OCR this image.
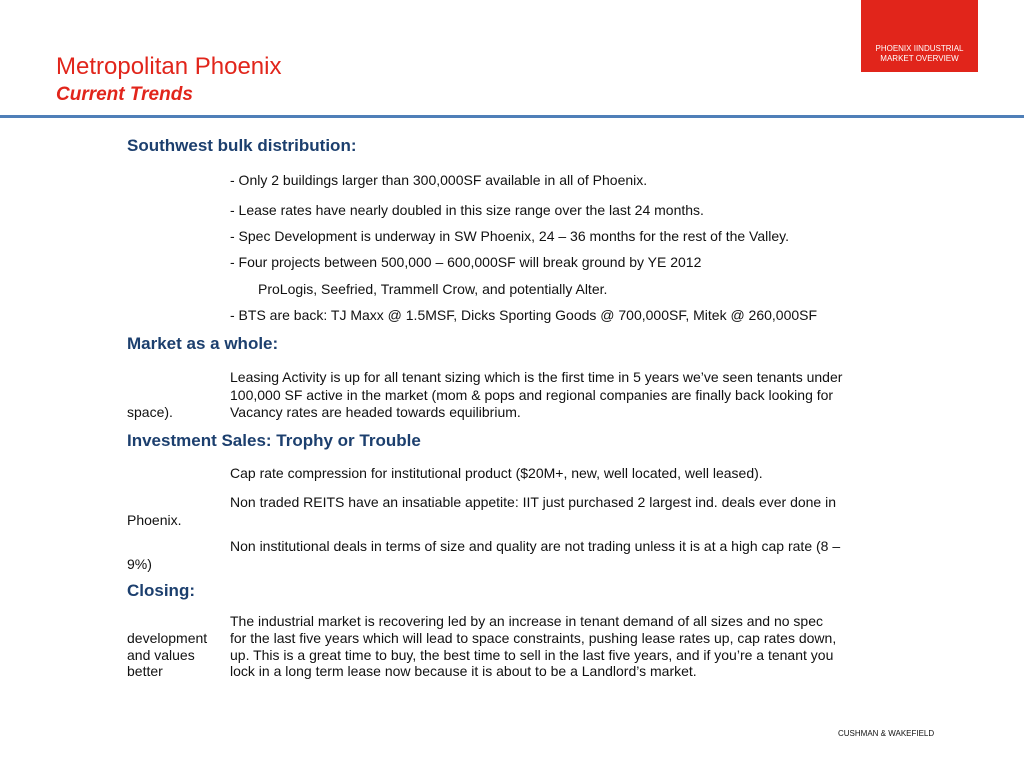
PHOENIX IINDUSTRIAL
MARKET OVERVIEW
Metropolitan Phoenix
Current Trends
Southwest bulk distribution:
- Only 2 buildings larger than 300,000SF available in all of Phoenix.
- Lease rates have nearly doubled in this size range over the last 24 months.
- Spec Development is underway in SW Phoenix, 24 – 36 months for the rest of the Valley.
- Four projects between 500,000 – 600,000SF will break ground by YE 2012
ProLogis, Seefried, Trammell Crow, and potentially Alter.
- BTS are back: TJ Maxx @ 1.5MSF, Dicks Sporting Goods @ 700,000SF, Mitek @ 260,000SF
Market as a whole:
Leasing Activity is up for all tenant sizing which is the first time in 5 years we’ve seen tenants under
100,000 SF active in the market (mom & pops and regional companies are finally back looking for
space).	Vacancy rates are headed towards equilibrium.
Investment Sales: Trophy or Trouble
Cap rate compression for institutional product ($20M+, new, well located, well leased).
Non traded REITS have an insatiable appetite: IIT just purchased 2 largest ind. deals ever done in
Phoenix.
Non institutional deals in terms of size and quality are not trading unless it is at a high cap rate (8 –
9%)
Closing:
The industrial market is recovering led by an increase in tenant demand of all sizes and no spec
development for the last five years which will lead to space constraints, pushing lease rates up, cap rates down,
and values	up. This is a great time to buy, the best time to sell in the last five years, and if you’re a tenant you
better	lock in a long term lease now because it is about to be a Landlord’s market.
CUSHMAN & WAKEFIELD
